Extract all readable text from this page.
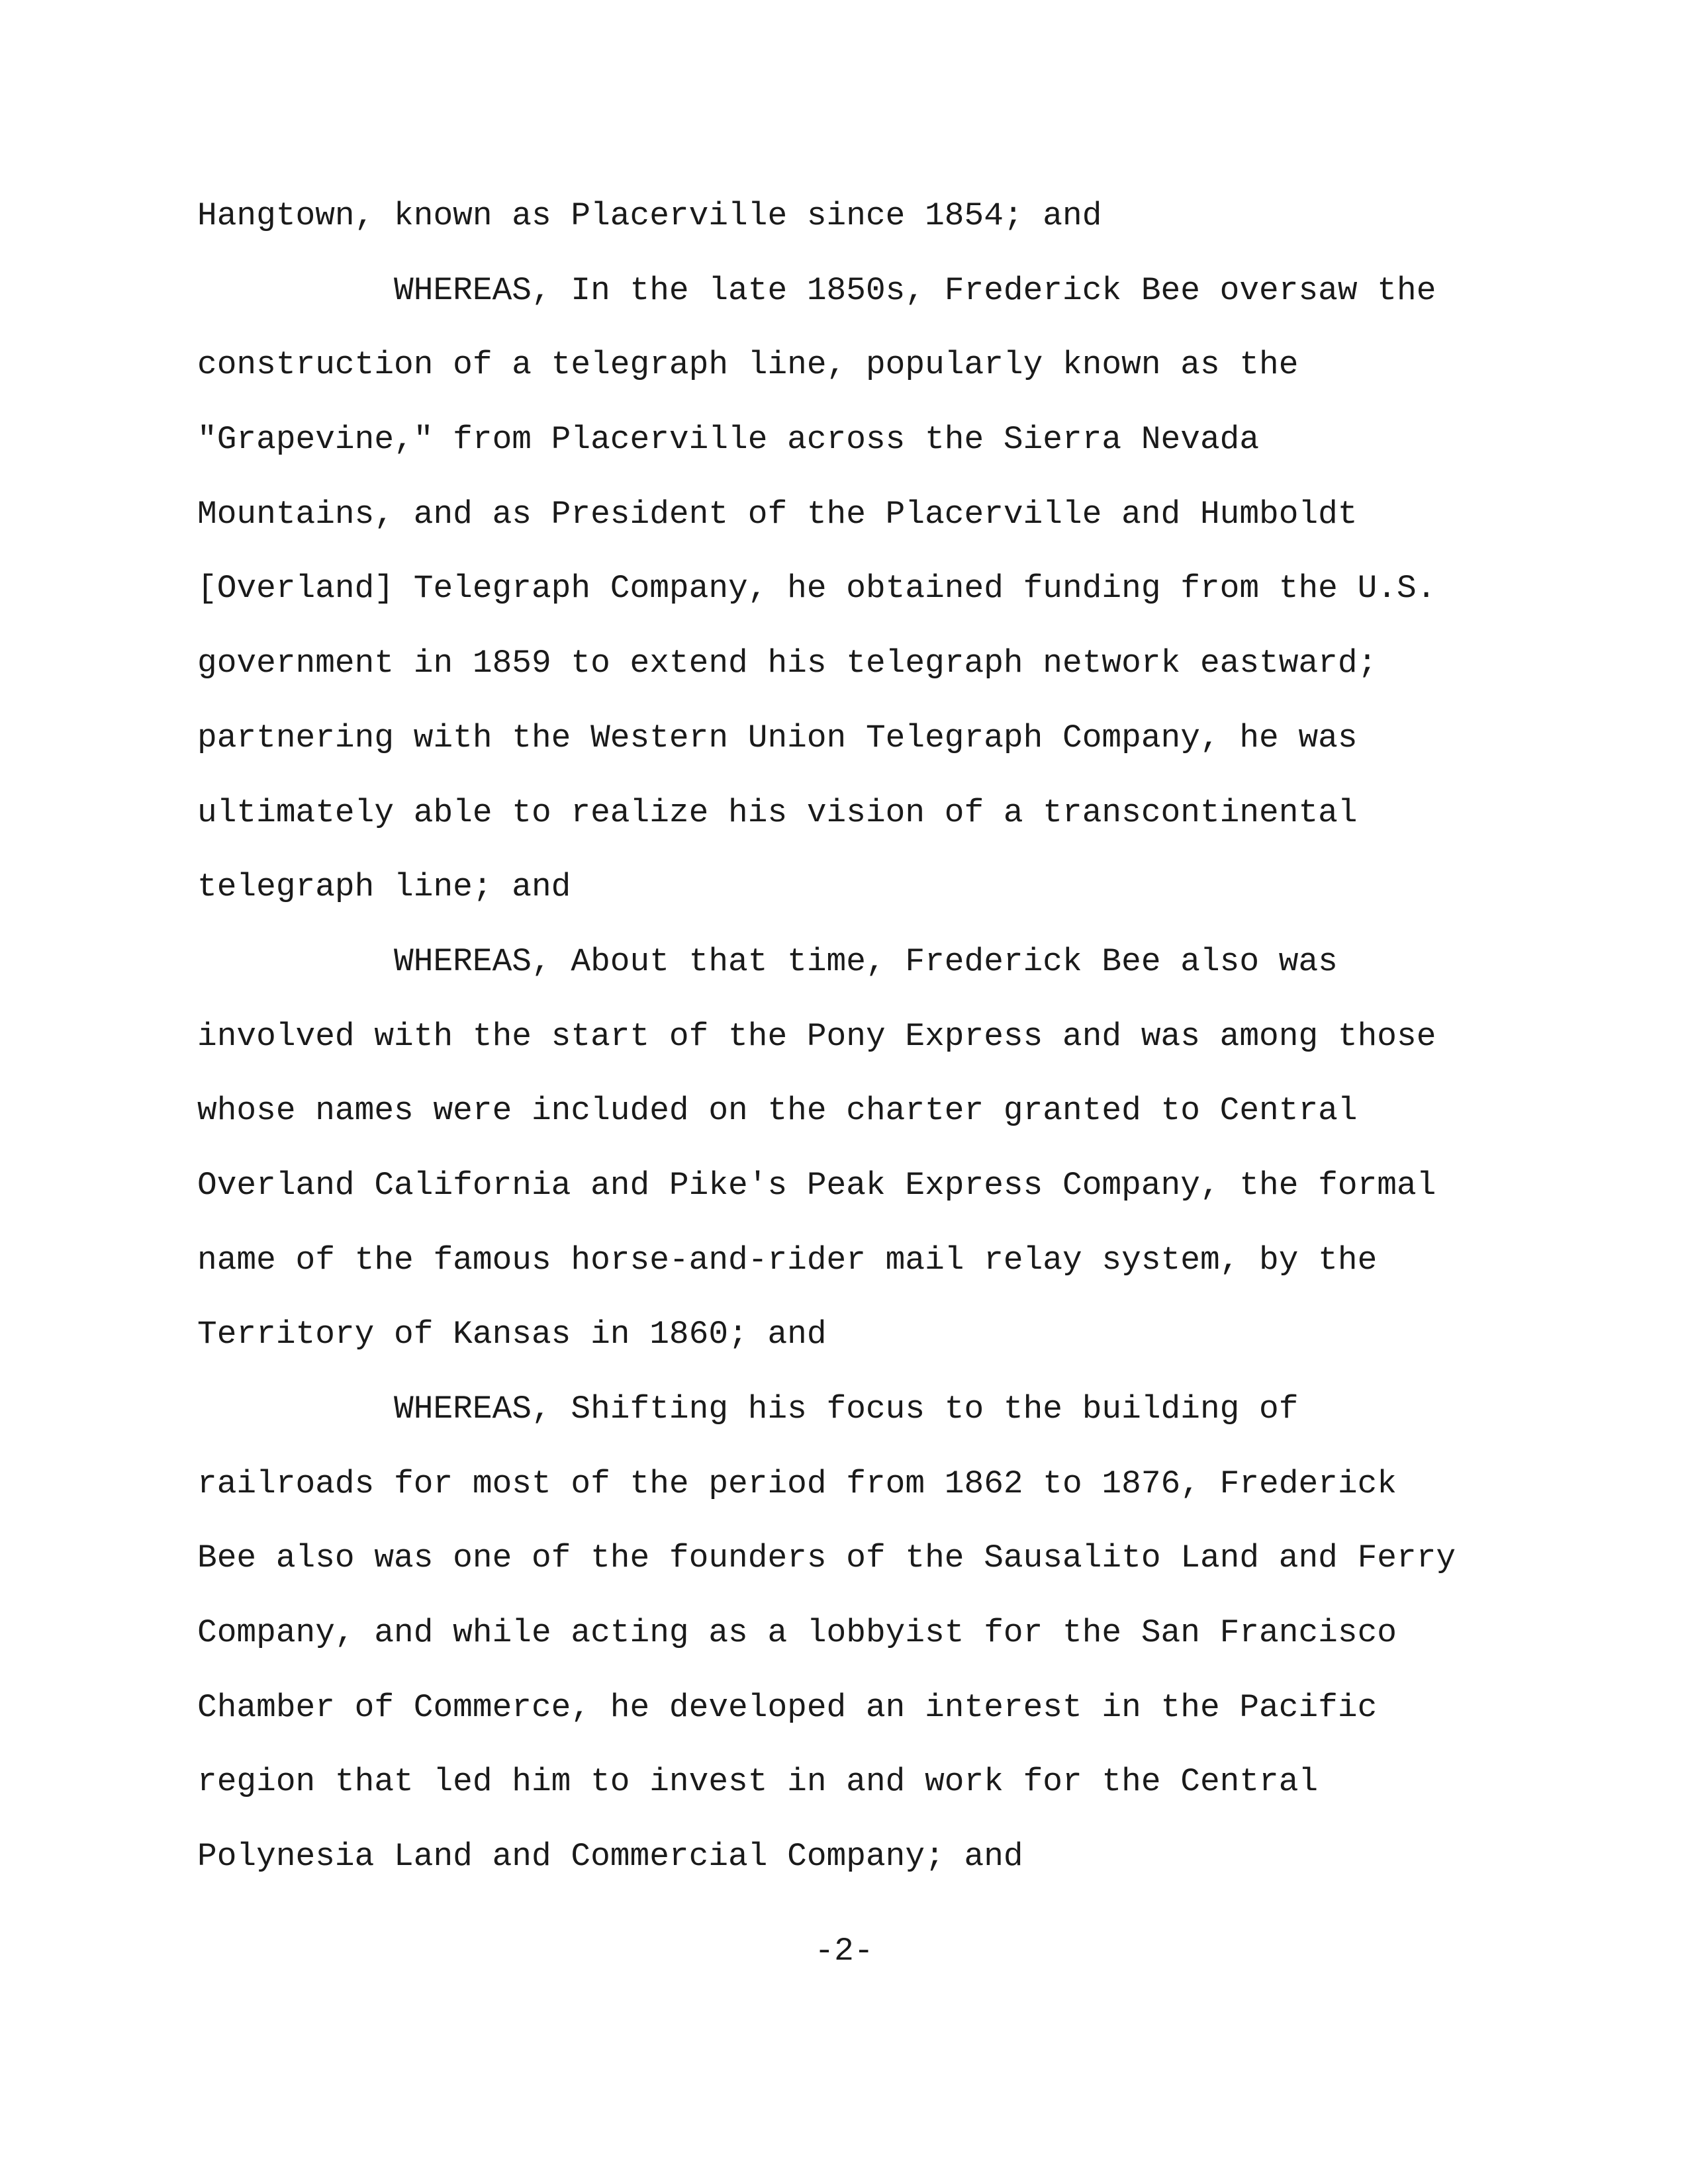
Hangtown, known as Placerville since 1854; and
WHEREAS, In the late 1850s, Frederick Bee oversaw the
construction of a telegraph line, popularly known as the
"Grapevine," from Placerville across the Sierra Nevada
Mountains, and as President of the Placerville and Humboldt
[Overland] Telegraph Company, he obtained funding from the U.S.
government in 1859 to extend his telegraph network eastward;
partnering with the Western Union Telegraph Company, he was
ultimately able to realize his vision of a transcontinental
telegraph line; and
WHEREAS, About that time, Frederick Bee also was
involved with the start of the Pony Express and was among those
whose names were included on the charter granted to Central
Overland California and Pike's Peak Express Company, the formal
name of the famous horse-and-rider mail relay system, by the
Territory of Kansas in 1860; and
WHEREAS, Shifting his focus to the building of
railroads for most of the period from 1862 to 1876, Frederick
Bee also was one of the founders of the Sausalito Land and Ferry
Company, and while acting as a lobbyist for the San Francisco
Chamber of Commerce, he developed an interest in the Pacific
region that led him to invest in and work for the Central
Polynesia Land and Commercial Company; and
-2-
